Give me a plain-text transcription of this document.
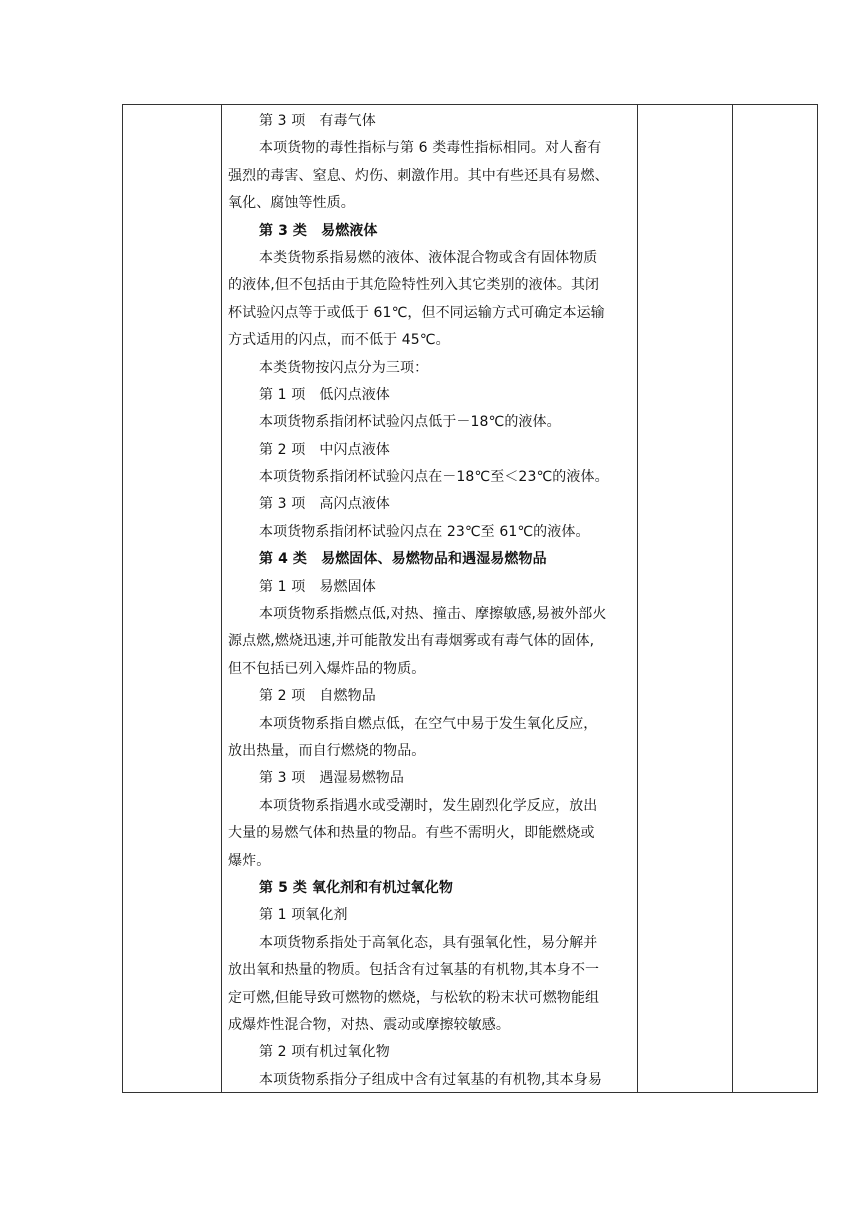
第 3 项　有毒气体
本项货物的毒性指标与第 6 类毒性指标相同。对人畜有
强烈的毒害、窒息、灼伤、刺激作用。其中有些还具有易燃、
氧化、腐蚀等性质。
第 3 类　易燃液体
本类货物系指易燃的液体、液体混合物或含有固体物质
的液体,但不包括由于其危险特性列入其它类别的液体。其闭
杯试验闪点等于或低于 61℃，但不同运输方式可确定本运输
方式适用的闪点，而不低于 45℃。
本类货物按闪点分为三项：
第 1 项　低闪点液体
本项货物系指闭杯试验闪点低于－18℃的液体。
第 2 项　中闪点液体
本项货物系指闭杯试验闪点在－18℃至＜23℃的液体。
第 3 项　高闪点液体
本项货物系指闭杯试验闪点在 23℃至 61℃的液体。
第 4 类　易燃固体、易燃物品和遇湿易燃物品
第 1 项　易燃固体
本项货物系指燃点低,对热、撞击、摩擦敏感,易被外部火
源点燃,燃烧迅速,并可能散发出有毒烟雾或有毒气体的固体,
但不包括已列入爆炸品的物质。
第 2 项　自燃物品
本项货物系指自燃点低，在空气中易于发生氧化反应，
放出热量，而自行燃烧的物品。
第 3 项　遇湿易燃物品
本项货物系指遇水或受潮时，发生剧烈化学反应，放出
大量的易燃气体和热量的物品。有些不需明火，即能燃烧或
爆炸。
第 5 类 氧化剂和有机过氧化物
第 1 项氧化剂
本项货物系指处于高氧化态，具有强氧化性，易分解并
放出氧和热量的物质。包括含有过氧基的有机物,其本身不一
定可燃,但能导致可燃物的燃烧，与松软的粉末状可燃物能组
成爆炸性混合物，对热、震动或摩擦较敏感。
第 2 项有机过氧化物
本项货物系指分子组成中含有过氧基的有机物,其本身易
